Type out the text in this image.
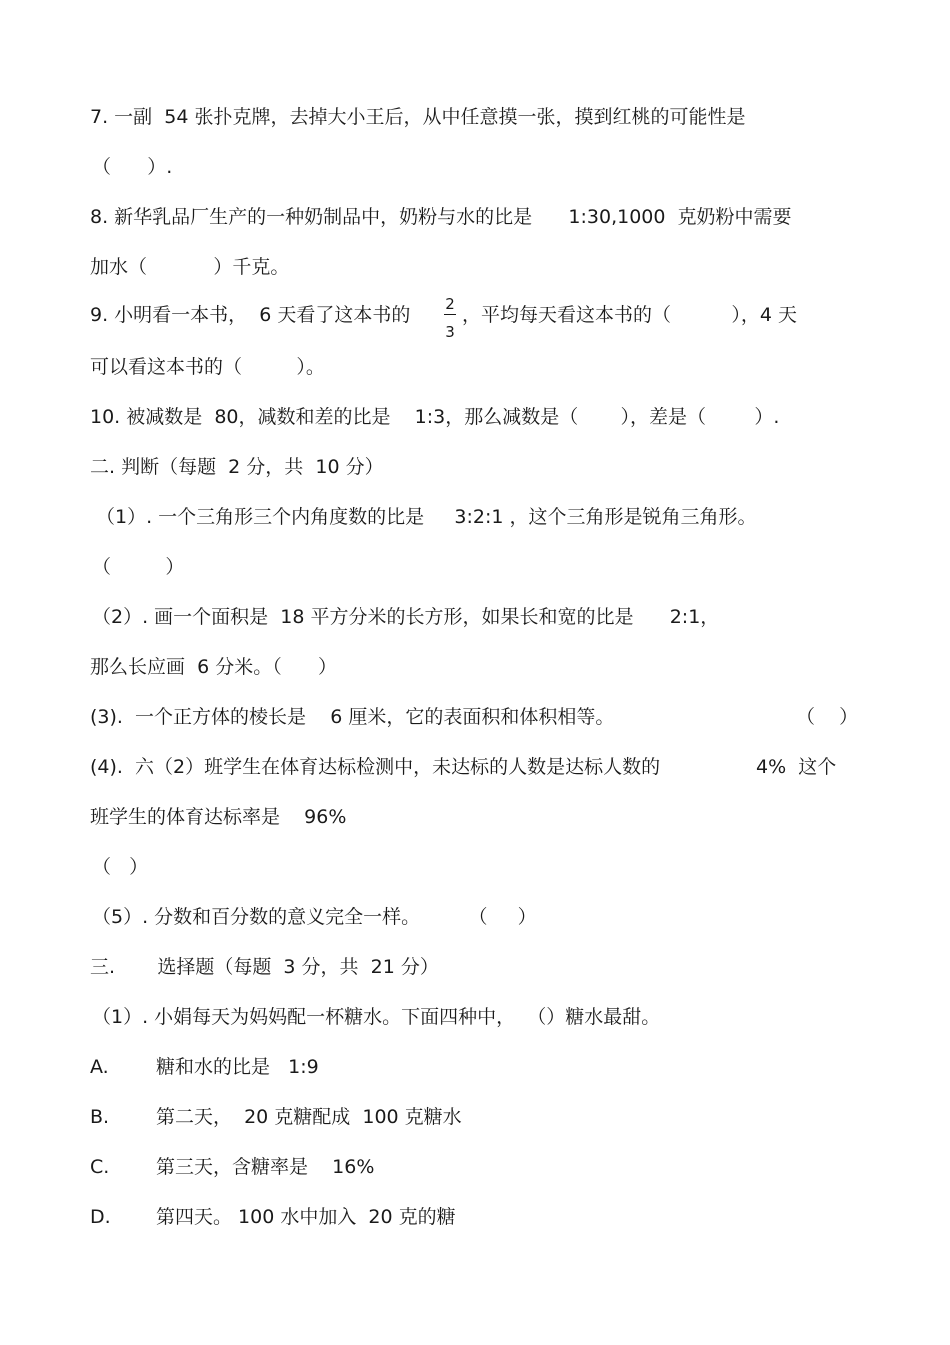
7. 一副  54 张扑克牌，去掉大小王后，从中任意摸一张，摸到红桃的可能性是
（      ）.
8. 新华乳品厂生产的一种奶制品中，奶粉与水的比是      1:30,1000  克奶粉中需要
加水（           ）千克。
9. 小明看一本书，  6 天看了这本书的 2
3
，平均每天看这本书的（          ），4 天
可以看这本书的（         ）。
10. 被减数是  80，减数和差的比是    1:3，那么减数是（       ），差是（        ）.
二. 判断（每题  2 分，共  10 分）
（1）. 一个三角形三个内角度数的比是     3:2:1 ，这个三角形是锐角三角形。
（         ）
（2）. 画一个面积是  18 平方分米的长方形，如果长和宽的比是      2:1，
那么长应画  6 分米。（      ）
(3).  一个正方体的棱长是    6 厘米，它的表面积和体积相等。	（    ）
(4).  六（2）班学生在体育达标检测中，未达标的人数是达标人数的	4%  这个
班学生的体育达标率是    96%
（   ）
（5）. 分数和百分数的意义完全一样。        （     ）
三.       选择题（每题  3 分，共  21 分）
（1）. 小娟每天为妈妈配一杯糖水。下面四种中，  （）糖水最甜。
A. 糖和水的比是   1:9
B. 第二天，  20 克糖配成  100 克糖水
C. 第三天，含糖率是    16%
D. 第四天。 100 水中加入  20 克的糖
